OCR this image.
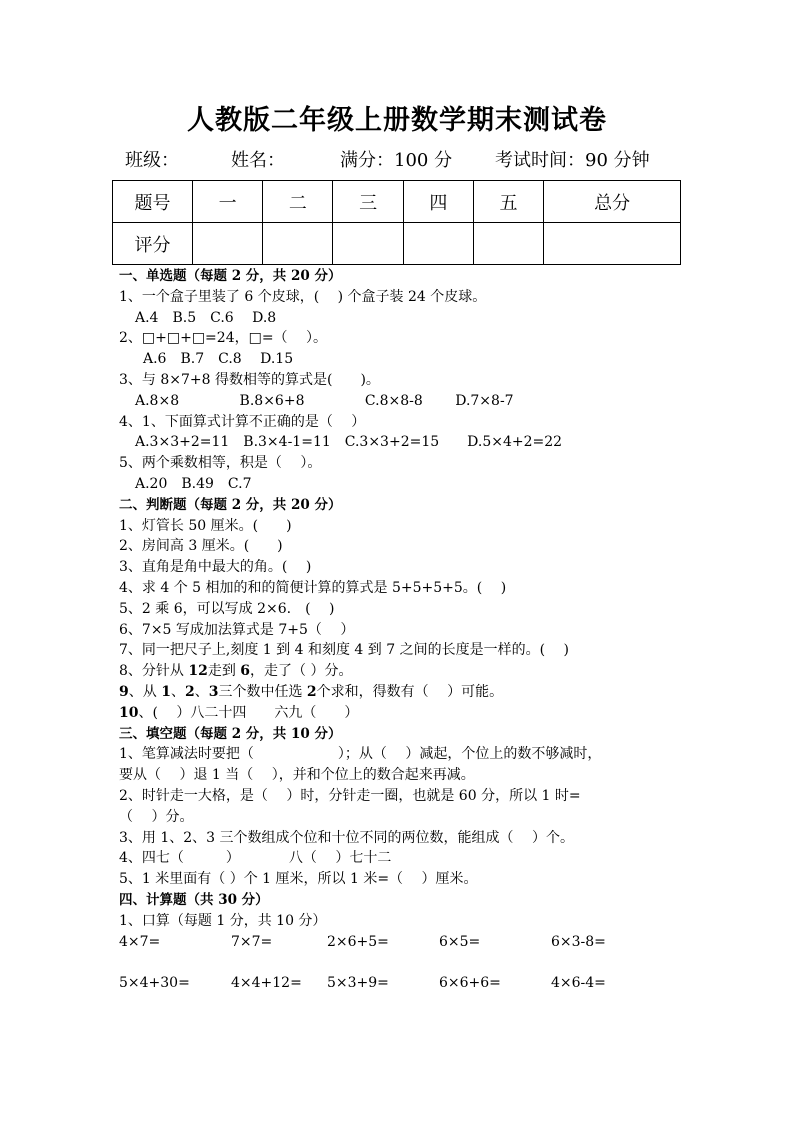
人教版二年级上册数学期末测试卷
班级：	姓名：	满分：100 分 考试时间：90 分钟
题号	一	二	三	四	五	总分
评分						
一、单选题（每题 2 分，共 20 分）
1、一个盒子里装了 6 个皮球，(　 ) 个盒子装 24 个皮球。
A.4　B.5　C.6　 D.8
2、□+□+□=24，□=（　 ）。
A.6　B.7　C.8　 D.15
3、与 8×7+8 得数相等的算式是(　　)。
A.8×8　　　　 B.8×6+8　　　　 C.8×8-8　　 D.7×8-7
4、1、下面算式计算不正确的是（　 ）
A.3×3+2=11　B.3×4-1=11　C.3×3+2=15　　D.5×4+2=22
5、两个乘数相等，积是（　 ）。
A.20　B.49　C.7
二、判断题（每题 2 分，共 20 分）
1、灯管长 50 厘米。(　　)
2、房间高 3 厘米。(　　)
3、直角是角中最大的角。(　 )
4、求 4 个 5 相加的和的简便计算的算式是 5+5+5+5。(　 )
5、2 乘 6，可以写成 2×6.　(　 )
6、7×5 写成加法算式是 7+5（　 ）
7、同一把尺子上,刻度 1 到 4 和刻度 4 到 7 之间的长度是一样的。(　 )
8、分针从 12走到 6，走了（ ）分。
9、从 1、2、3三个数中任选 2个求和，得数有（　 ）可能。
10、(　 ）八二十四　　六九（　　）
三、填空题（每题 2 分，共 10 分）
1、笔算减法时要把（　　　　　　）；从（　 ）减起，个位上的数不够减时，
要从（　 ）退 1 当（　 ），并和个位上的数合起来再减。
2、时针走一大格，是（　 ）时，分针走一圈，也就是 60 分，所以 1 时=
（　 ）分。
3、用 1、2、3 三个数组成个位和十位不同的两位数，能组成（　 ）个。
4、四七（　　　）　　　　八（　 ）七十二
5、1 米里面有（ ）个 1 厘米，所以 1 米=（　 ）厘米。
四、计算题（共 30 分）
1、口算（每题 1 分，共 10 分）
4×7=	7×7=	2×6+5=	6×5=	6×3-8=
5×4+30=	4×4+12= 5×3+9=	6×6+6=	4×6-4=
